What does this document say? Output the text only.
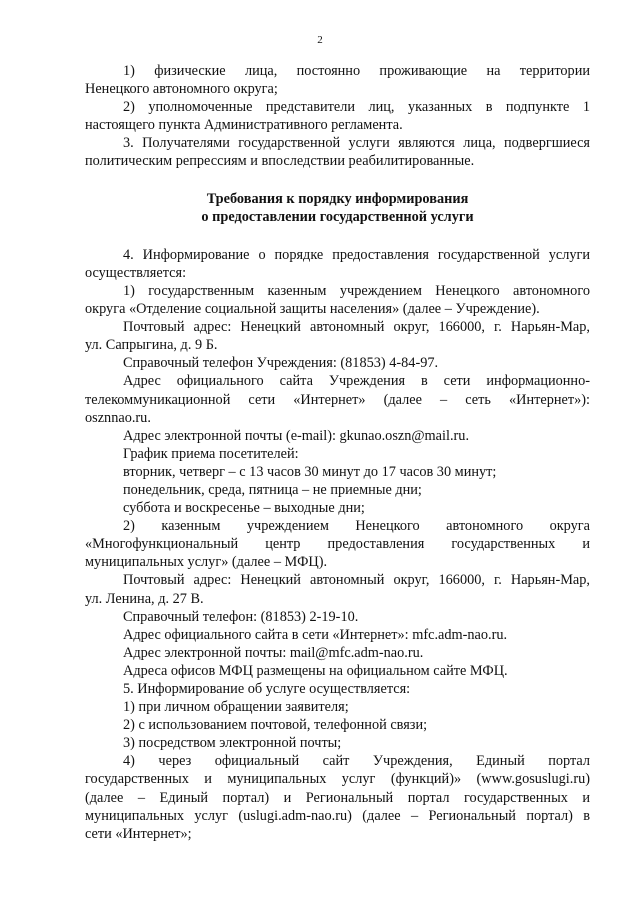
2

1) физические лица, постоянно проживающие на территории

Ненецкого автономного округа;

2) уполномоченные представители лиц, указанных в подпункте 1

настоящего пункта Административного регламента.

3. Получателями государственной услуги являются лица, подвергшиеся

политическим репрессиям и впоследствии реабилитированные.

Требования к порядку информирования

о предоставлении государственной услуги

4. Информирование о порядке предоставления государственной услуги

осуществляется:

1) государственным казенным учреждением Ненецкого автономного

округа «Отделение социальной защиты населения» (далее – Учреждение).

Почтовый адрес: Ненецкий автономный округ, 166000, г. Нарьян-Мар,

ул. Сапрыгина, д. 9 Б.

Справочный телефон Учреждения: (81853) 4-84-97.

Адрес официального сайта Учреждения в сети информационно-

телекоммуникационной сети «Интернет» (далее – сеть «Интернет»):

osznnao.ru.

Адрес электронной почты (e-mail): gkunao.oszn@mail.ru.

График приема посетителей:

вторник, четверг – с 13 часов 30 минут до 17 часов 30 минут;

понедельник, среда, пятница – не приемные дни;

суббота и воскресенье – выходные дни;

2) казенным учреждением Ненецкого автономного округа

«Многофункциональный центр предоставления государственных и

муниципальных услуг» (далее – МФЦ).

Почтовый адрес: Ненецкий автономный округ, 166000, г. Нарьян-Мар,

ул. Ленина, д. 27 В.

Справочный телефон: (81853) 2-19-10.

Адрес официального сайта в сети «Интернет»: mfc.adm-nao.ru.

Адрес электронной почты: mail@mfc.adm-nao.ru.

Адреса офисов МФЦ размещены на официальном сайте МФЦ.

5. Информирование об услуге осуществляется:

1) при личном обращении заявителя;

2) с использованием почтовой, телефонной связи;

3) посредством электронной почты;

4) через официальный сайт Учреждения, Единый портал

государственных и муниципальных услуг (функций)» (www.gosuslugi.ru)

(далее – Единый портал) и Региональный портал государственных и

муниципальных услуг (uslugi.adm-nao.ru) (далее – Региональный портал) в

сети «Интернет»;
